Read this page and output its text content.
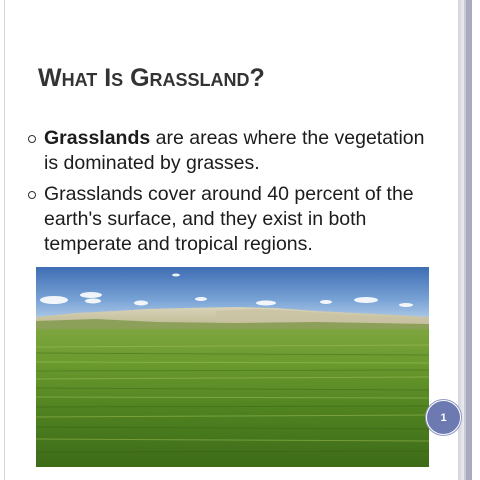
What Is Grassland?
Grasslands are areas where the vegetation is dominated by grasses.
Grasslands cover around 40 percent of the earth's surface, and they exist in both temperate and tropical regions.
1
